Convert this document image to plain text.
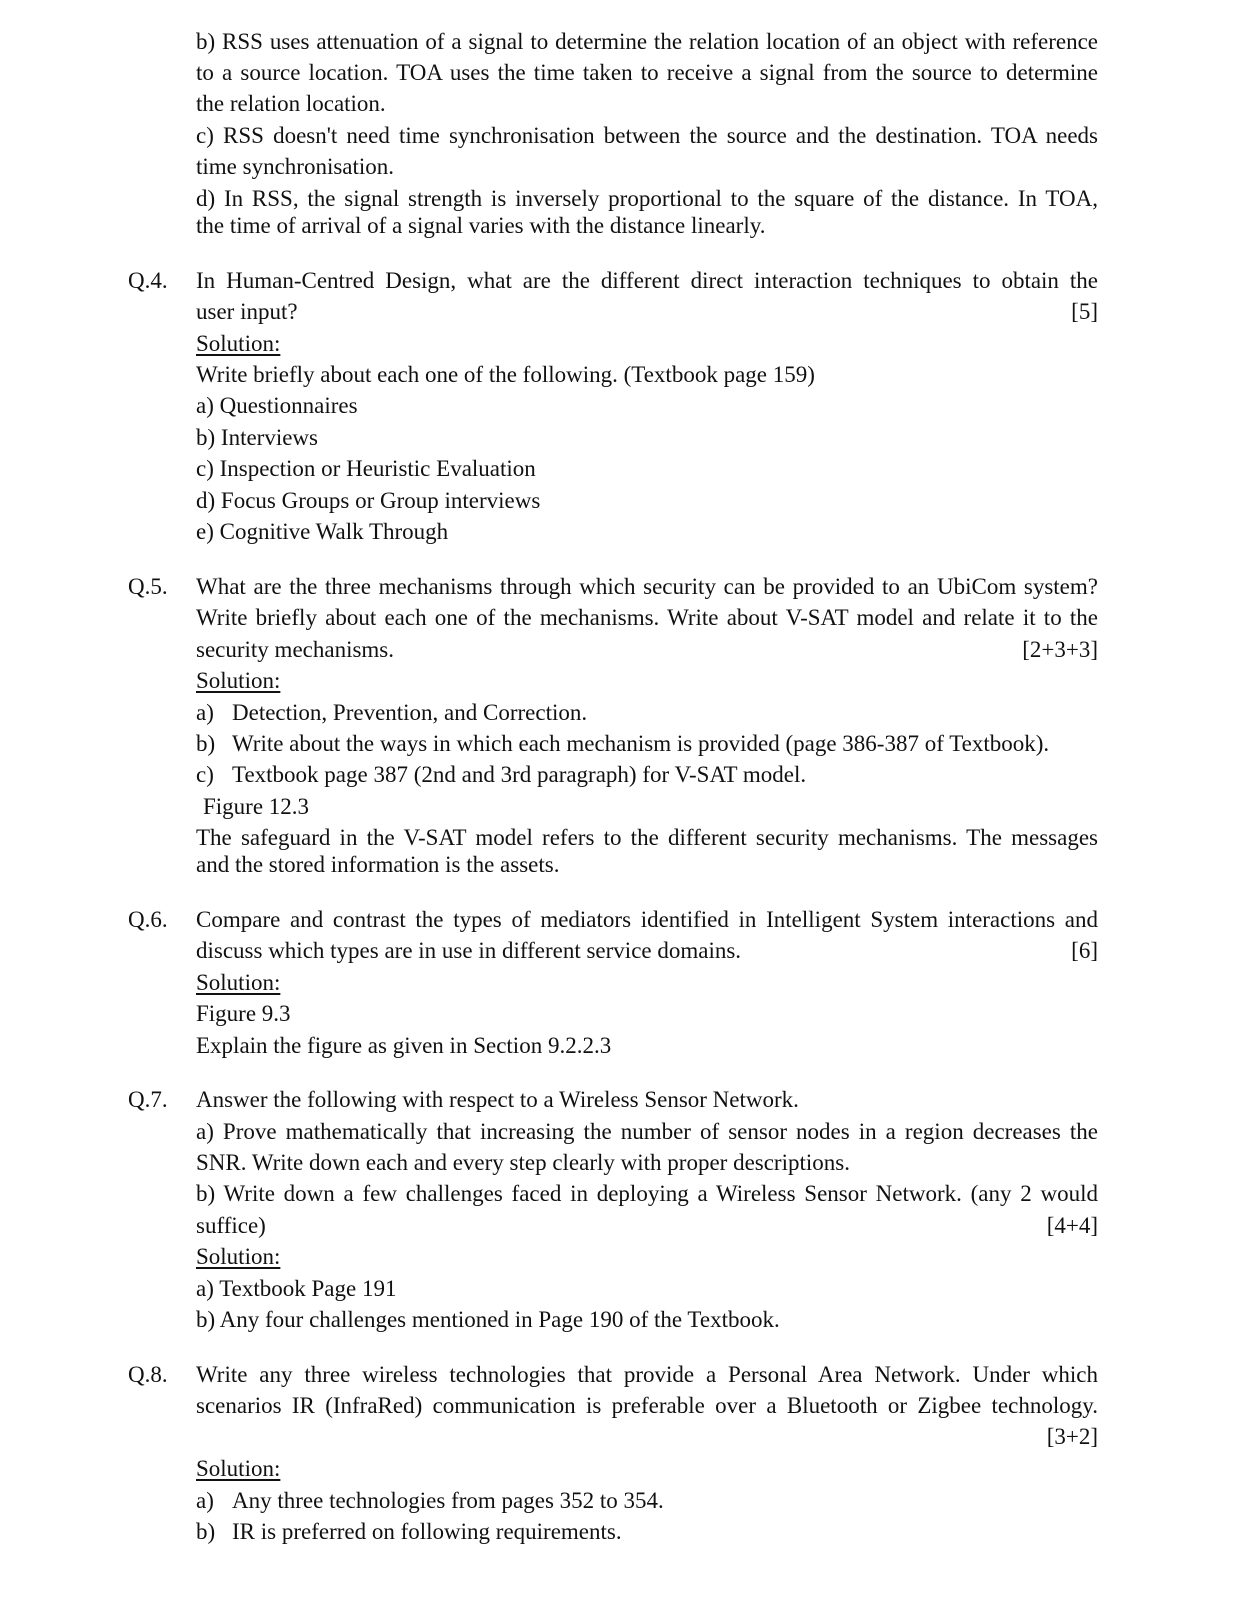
b) RSS uses attenuation of a signal to determine the relation location of an object with reference
to a source location. TOA uses the time taken to receive a signal from the source to determine
the relation location.
c) RSS doesn't need time synchronisation between the source and the destination. TOA needs
time synchronisation.
d) In RSS, the signal strength is inversely proportional to the square of the distance. In TOA,
the time of arrival of a signal varies with the distance linearly.
Q.4. In Human-Centred Design, what are the different direct interaction techniques to obtain the
user input?	[5]
Solution:
Write briefly about each one of the following. (Textbook page 159)
a) Questionnaires
b) Interviews
c) Inspection or Heuristic Evaluation
d) Focus Groups or Group interviews
e) Cognitive Walk Through
Q.5. What are the three mechanisms through which security can be provided to an UbiCom system?
Write briefly about each one of the mechanisms. Write about V-SAT model and relate it to the
security mechanisms.	[2+3+3]
Solution:
a) Detection, Prevention, and Correction.
b) Write about the ways in which each mechanism is provided (page 386-387 of Textbook).
c) Textbook page 387 (2nd and 3rd paragraph) for V-SAT model.
Figure 12.3
The safeguard in the V-SAT model refers to the different security mechanisms. The messages
and the stored information is the assets.
Q.6. Compare and contrast the types of mediators identified in Intelligent System interactions and
discuss which types are in use in different service domains.	[6]
Solution:
Figure 9.3
Explain the figure as given in Section 9.2.2.3
Q.7. Answer the following with respect to a Wireless Sensor Network.
a) Prove mathematically that increasing the number of sensor nodes in a region decreases the
SNR. Write down each and every step clearly with proper descriptions.
b) Write down a few challenges faced in deploying a Wireless Sensor Network. (any 2 would
suffice)	[4+4]
Solution:
a) Textbook Page 191
b) Any four challenges mentioned in Page 190 of the Textbook.
Q.8. Write any three wireless technologies that provide a Personal Area Network. Under which
scenarios IR (InfraRed) communication is preferable over a Bluetooth or Zigbee technology.
[3+2]
Solution:
a) Any three technologies from pages 352 to 354.
b) IR is preferred on following requirements.
